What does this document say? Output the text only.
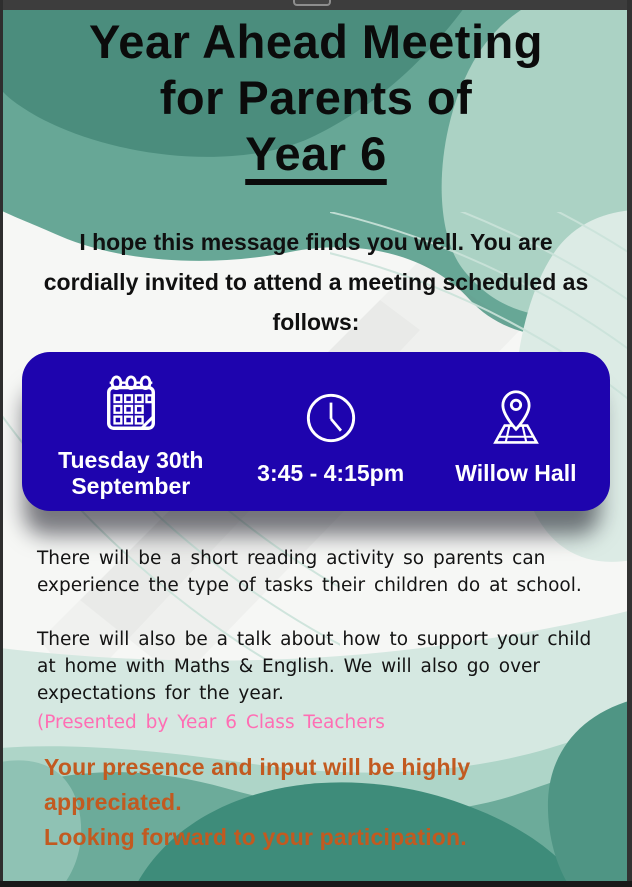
Year Ahead Meeting
for Parents of
Year 6
I hope this message finds you well. You are cordially invited to attend a meeting scheduled as follows:
Tuesday 30th September	3:45 - 4:15pm Willow Hall

There will be a short reading activity so parents can experience the type of tasks their children do at school.

There will also be a talk about how to support your child at home with Maths & English. We will also go over expectations for the year.

(Presented by Year 6 Class Teachers
Your presence and input will be highly appreciated.
Looking forward to your participation.
